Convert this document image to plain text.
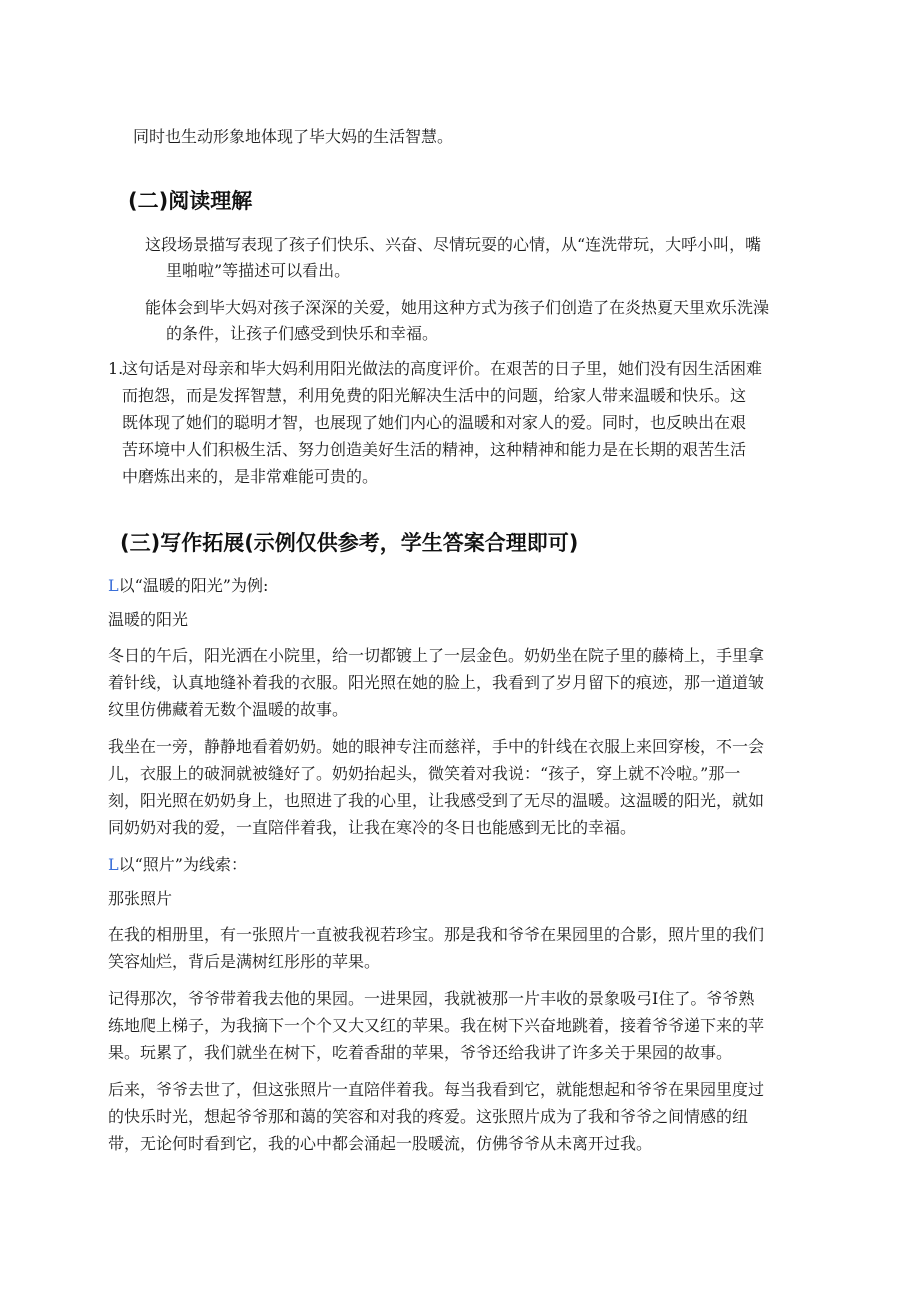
同时也生动形象地体现了毕大妈的生活智慧。

(二)阅读理解

这段场景描写表现了孩子们快乐、兴奋、尽情玩耍的心情，从“连洗带玩，大呼小叫，嘴

里啪啦”等描述可以看出。

能体会到毕大妈对孩子深深的关爱，她用这种方式为孩子们创造了在炎热夏天里欢乐洗澡

的条件，让孩子们感受到快乐和幸福。

1.

这句话是对母亲和毕大妈利用阳光做法的高度评价。在艰苦的日子里，她们没有因生活困难

而抱怨，而是发挥智慧，利用免费的阳光解决生活中的问题，给家人带来温暖和快乐。这

既体现了她们的聪明才智，也展现了她们内心的温暖和对家人的爱。同时，也反映出在艰

苦环境中人们积极生活、努力创造美好生活的精神，这种精神和能力是在长期的艰苦生活

中磨炼出来的，是非常难能可贵的。

(三)写作拓展(示例仅供参考，学生答案合理即可)

L以“温暖的阳光”为例:

温暖的阳光

冬日的午后，阳光洒在小院里，给一切都镀上了一层金色。奶奶坐在院子里的藤椅上，手里拿

着针线，认真地缝补着我的衣服。阳光照在她的脸上，我看到了岁月留下的痕迹，那一道道皱

纹里仿佛藏着无数个温暖的故事。

我坐在一旁，静静地看着奶奶。她的眼神专注而慈祥，手中的针线在衣服上来回穿梭，不一会

儿，衣服上的破洞就被缝好了。奶奶抬起头，微笑着对我说：“孩子，穿上就不冷啦。”那一

刻，阳光照在奶奶身上，也照进了我的心里，让我感受到了无尽的温暖。这温暖的阳光，就如

同奶奶对我的爱，一直陪伴着我，让我在寒冷的冬日也能感到无比的幸福。

L以“照片”为线索：

那张照片

在我的相册里，有一张照片一直被我视若珍宝。那是我和爷爷在果园里的合影，照片里的我们

笑容灿烂，背后是满树红彤彤的苹果。

记得那次，爷爷带着我去他的果园。一进果园，我就被那一片丰收的景象吸弓I住了。爷爷熟

练地爬上梯子，为我摘下一个个又大又红的苹果。我在树下兴奋地跳着，接着爷爷递下来的苹

果。玩累了，我们就坐在树下，吃着香甜的苹果，爷爷还给我讲了许多关于果园的故事。

后来，爷爷去世了，但这张照片一直陪伴着我。每当我看到它，就能想起和爷爷在果园里度过

的快乐时光，想起爷爷那和蔼的笑容和对我的疼爱。这张照片成为了我和爷爷之间情感的纽

带，无论何时看到它，我的心中都会涌起一股暖流，仿佛爷爷从未离开过我。
